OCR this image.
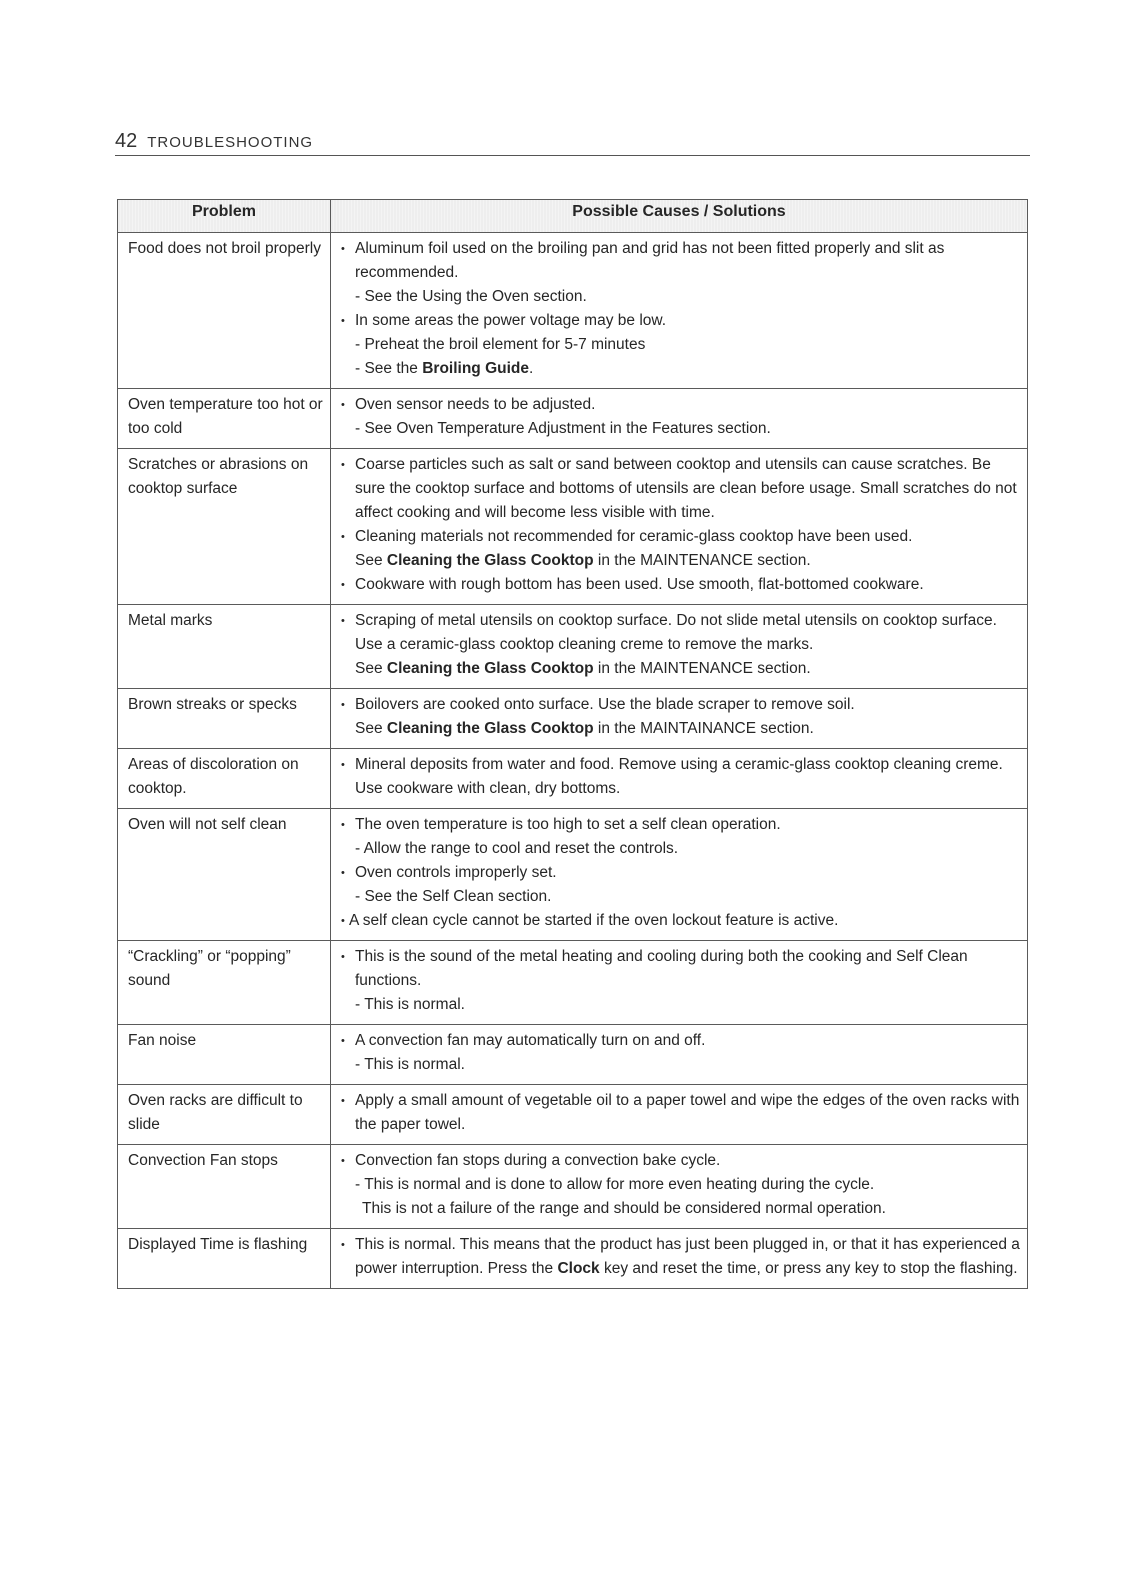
42 TROUBLESHOOTING
Problem	Possible Causes / Solutions
Food does not broil properly	• Aluminum foil used on the broiling pan and grid has not been fitted properly and slit as recommended.
- See the Using the Oven section.
• In some areas the power voltage may be low.
- Preheat the broil element for 5-7 minutes
- See the Broiling Guide.

Oven temperature too hot or too cold	• Oven sensor needs to be adjusted.
- See Oven Temperature Adjustment in the Features section.

Scratches or abrasions on cooktop surface	• Coarse particles such as salt or sand between cooktop and utensils can cause scratches. Be sure the cooktop surface and bottoms of utensils are clean before usage. Small scratches do not affect cooking and will become less visible with time.
• Cleaning materials not recommended for ceramic-glass cooktop have been used.
See Cleaning the Glass Cooktop in the MAINTENANCE section.
• Cookware with rough bottom has been used. Use smooth, flat-bottomed cookware.

Metal marks	• Scraping of metal utensils on cooktop surface. Do not slide metal utensils on cooktop surface. Use a ceramic-glass cooktop cleaning creme to remove the marks.
See Cleaning the Glass Cooktop in the MAINTENANCE section.

Brown streaks or specks	• Boilovers are cooked onto surface. Use the blade scraper to remove soil.
See Cleaning the Glass Cooktop in the MAINTAINANCE section.

Areas of discoloration on cooktop.	• Mineral deposits from water and food. Remove using a ceramic-glass cooktop cleaning creme. Use cookware with clean, dry bottoms.

Oven will not self clean	• The oven temperature is too high to set a self clean operation.
- Allow the range to cool and reset the controls.
• Oven controls improperly set.
- See the Self Clean section.
• A self clean cycle cannot be started if the oven lockout feature is active.

“Crackling” or “popping” sound	• This is the sound of the metal heating and cooling during both the cooking and Self Clean functions.
- This is normal.

Fan noise	• A convection fan may automatically turn on and off.
- This is normal.

Oven racks are difficult to slide	• Apply a small amount of vegetable oil to a paper towel and wipe the edges of the oven racks with the paper towel.

Convection Fan stops	• Convection fan stops during a convection bake cycle.
- This is normal and is done to allow for more even heating during the cycle.
This is not a failure of the range and should be considered normal operation.

Displayed Time is flashing	• This is normal. This means that the product has just been plugged in, or that it has experienced a power interruption. Press the Clock key and reset the time, or press any key to stop the flashing.
